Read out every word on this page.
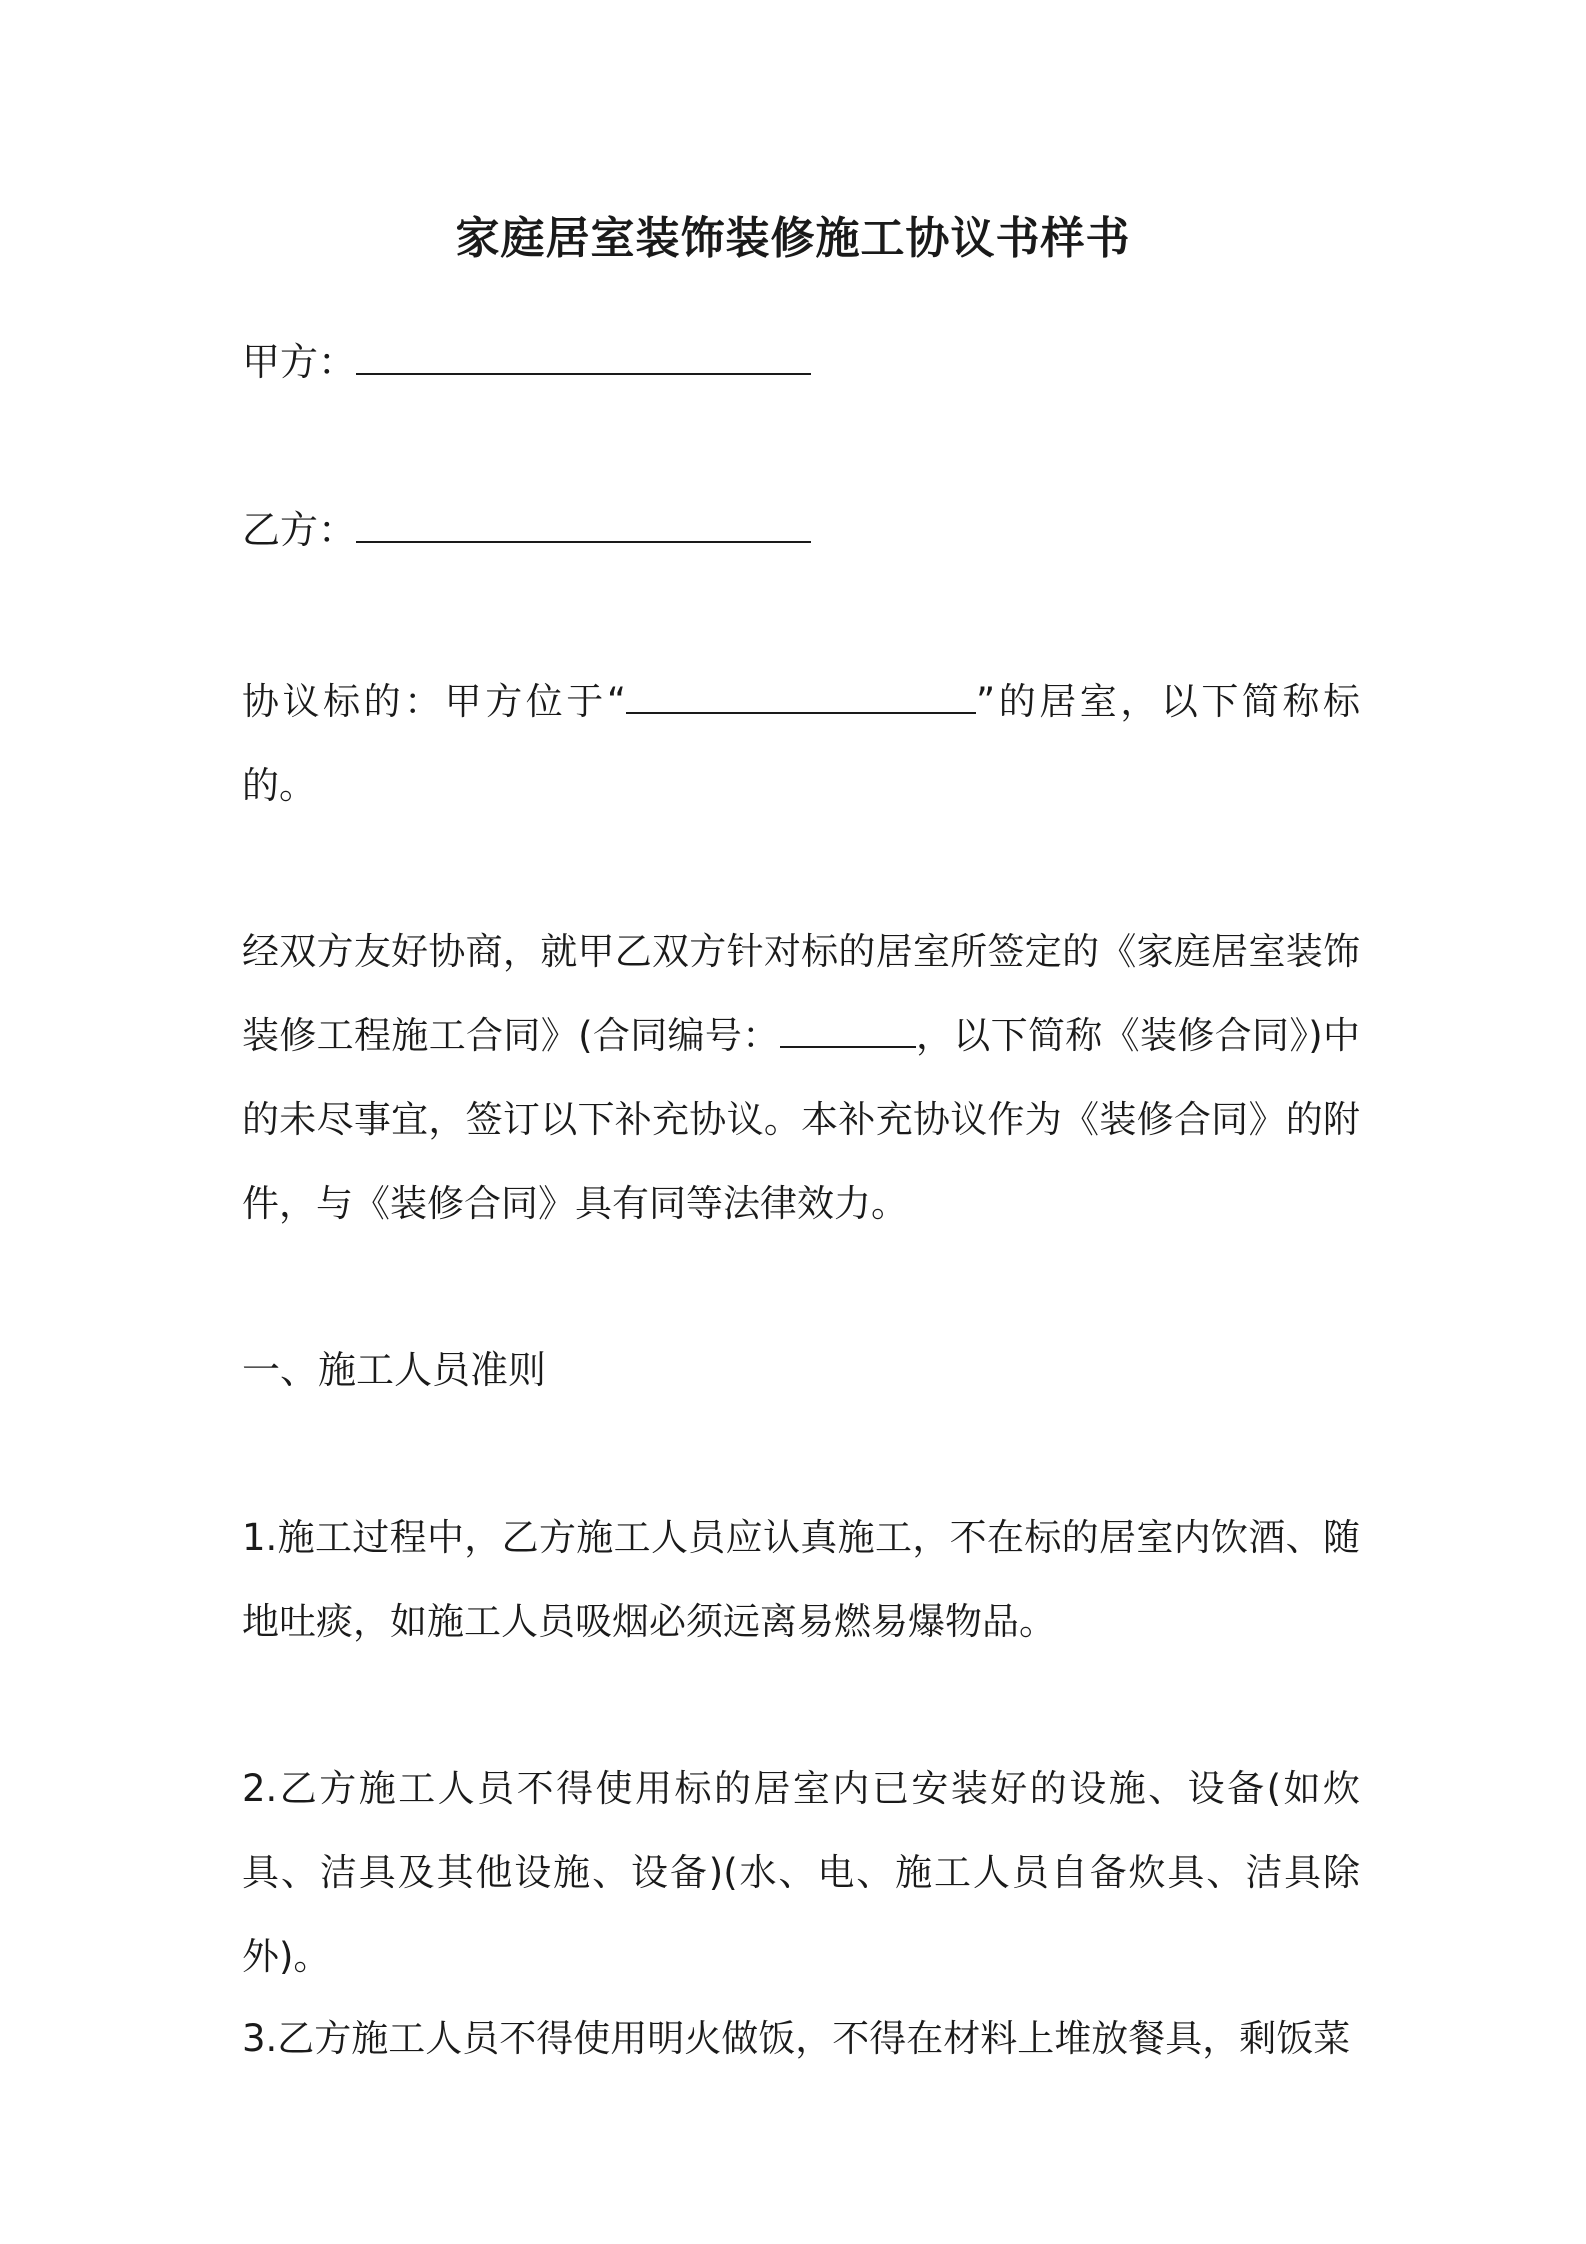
家庭居室装饰装修施工协议书样书

甲方：

乙方：

协议标的：甲方位于“	”的居室，以下简称标的。

经双方友好协商，就甲乙双方针对标的居室所签定的《家庭居室装饰装修工程施工合同》(合同编号：	，以下简称《装修合同》)中的未尽事宜，签订以下补充协议。本补充协议作为《装修合同》的附件，与《装修合同》具有同等法律效力。

一、施工人员准则

1.施工过程中，乙方施工人员应认真施工，不在标的居室内饮酒、随地吐痰，如施工人员吸烟必须远离易燃易爆物品。

2.乙方施工人员不得使用标的居室内已安装好的设施、设备(如炊具、洁具及其他设施、设备)(水、电、施工人员自备炊具、洁具除外)。

3.乙方施工人员不得使用明火做饭，不得在材料上堆放餐具，剩饭菜
